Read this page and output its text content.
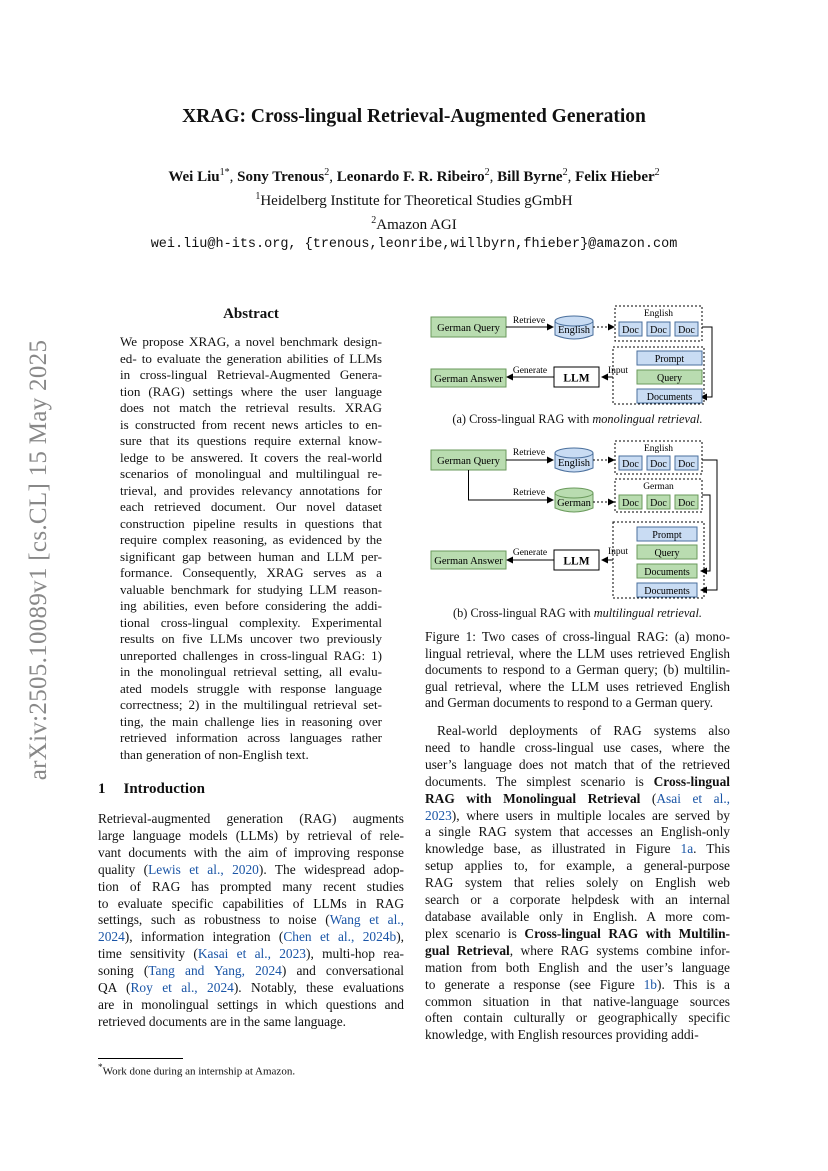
XRAG: Cross-lingual Retrieval-Augmented Generation
Wei Liu$^{1*}$, Sony Trenous$^2$, Leonardo F. R. Ribeiro$^2$, Bill Byrne$^2$, Felix Hieber$^2$
$^1$Heidelberg Institute for Theoretical Studies gGmbH
$^2$Amazon AGI
wei.liu@h-its.org, {trenous,leonribe,willbyrn,fhieber}@amazon.com
arXiv:2505.10089v1 [cs.CL] 15 May 2025
Abstract
We propose XRAG, a novel benchmark design-
ed- to evaluate the generation abilities of LLMs
in cross-lingual Retrieval-Augmented Genera-
tion (RAG) settings where the user language
does not match the retrieval results. XRAG
is constructed from recent news articles to en-
sure that its questions require external know-
ledge to be answered. It covers the real-world
scenarios of monolingual and multilingual re-
trieval, and provides relevancy annotations for
each retrieved document. Our novel dataset
construction pipeline results in questions that
require complex reasoning, as evidenced by the
significant gap between human and LLM per-
formance. Consequently, XRAG serves as a
valuable benchmark for studying LLM reason-
ing abilities, even before considering the addi-
tional cross-lingual complexity. Experimental
results on five LLMs uncover two previously
unreported challenges in cross-lingual RAG: 1)
in the monolingual retrieval setting, all evalu-
ated models struggle with response language
correctness; 2) in the multilingual retrieval set-
ting, the main challenge lies in reasoning over
retrieved information across languages rather
than generation of non-English text.
1 Introduction
Retrieval-augmented generation (RAG) augments
large language models (LLMs) by retrieval of rele-
vant documents with the aim of improving response
quality (Lewis et al., 2020). The widespread adop-
tion of RAG has prompted many recent studies
to evaluate specific capabilities of LLMs in RAG
settings, such as robustness to noise (Wang et al.,
2024), information integration (Chen et al., 2024b),
time sensitivity (Kasai et al., 2023), multi-hop rea-
soning (Tang and Yang, 2024) and conversational
QA (Roy et al., 2024). Notably, these evaluations
are in monolingual settings in which questions and
retrieved documents are in the same language.
*Work done during an internship at Amazon.
German Query
Retrieve
English
English
Doc Doc Doc
Prompt
Query
Documents
Input
LLM
Generate
German Answer
(a) Cross-lingual RAG with monolingual retrieval.
German Query
Retrieve
English
Retrieve
German
English
Doc Doc Doc
German
Doc Doc Doc
Prompt
Query
Documents
Documents
Input
LLM
Generate
German Answer
(b) Cross-lingual RAG with multilingual retrieval.
Figure 1: Two cases of cross-lingual RAG: (a) mono-
lingual retrieval, where the LLM uses retrieved English
documents to respond to a German query; (b) multilin-
gual retrieval, where the LLM uses retrieved English
and German documents to respond to a German query.
Real-world deployments of RAG systems also
need to handle cross-lingual use cases, where the
user’s language does not match that of the retrieved
documents. The simplest scenario is Cross-lingual
RAG with Monolingual Retrieval (Asai et al.,
2023), where users in multiple locales are served by
a single RAG system that accesses an English-only
knowledge base, as illustrated in Figure 1a. This
setup applies to, for example, a general-purpose
RAG system that relies solely on English web
search or a corporate helpdesk with an internal
database available only in English. A more com-
plex scenario is Cross-lingual RAG with Multilin-
gual Retrieval, where RAG systems combine infor-
mation from both English and the user’s language
to generate a response (see Figure 1b). This is a
common situation in that native-language sources
often contain culturally or geographically specific
knowledge, with English resources providing addi-
